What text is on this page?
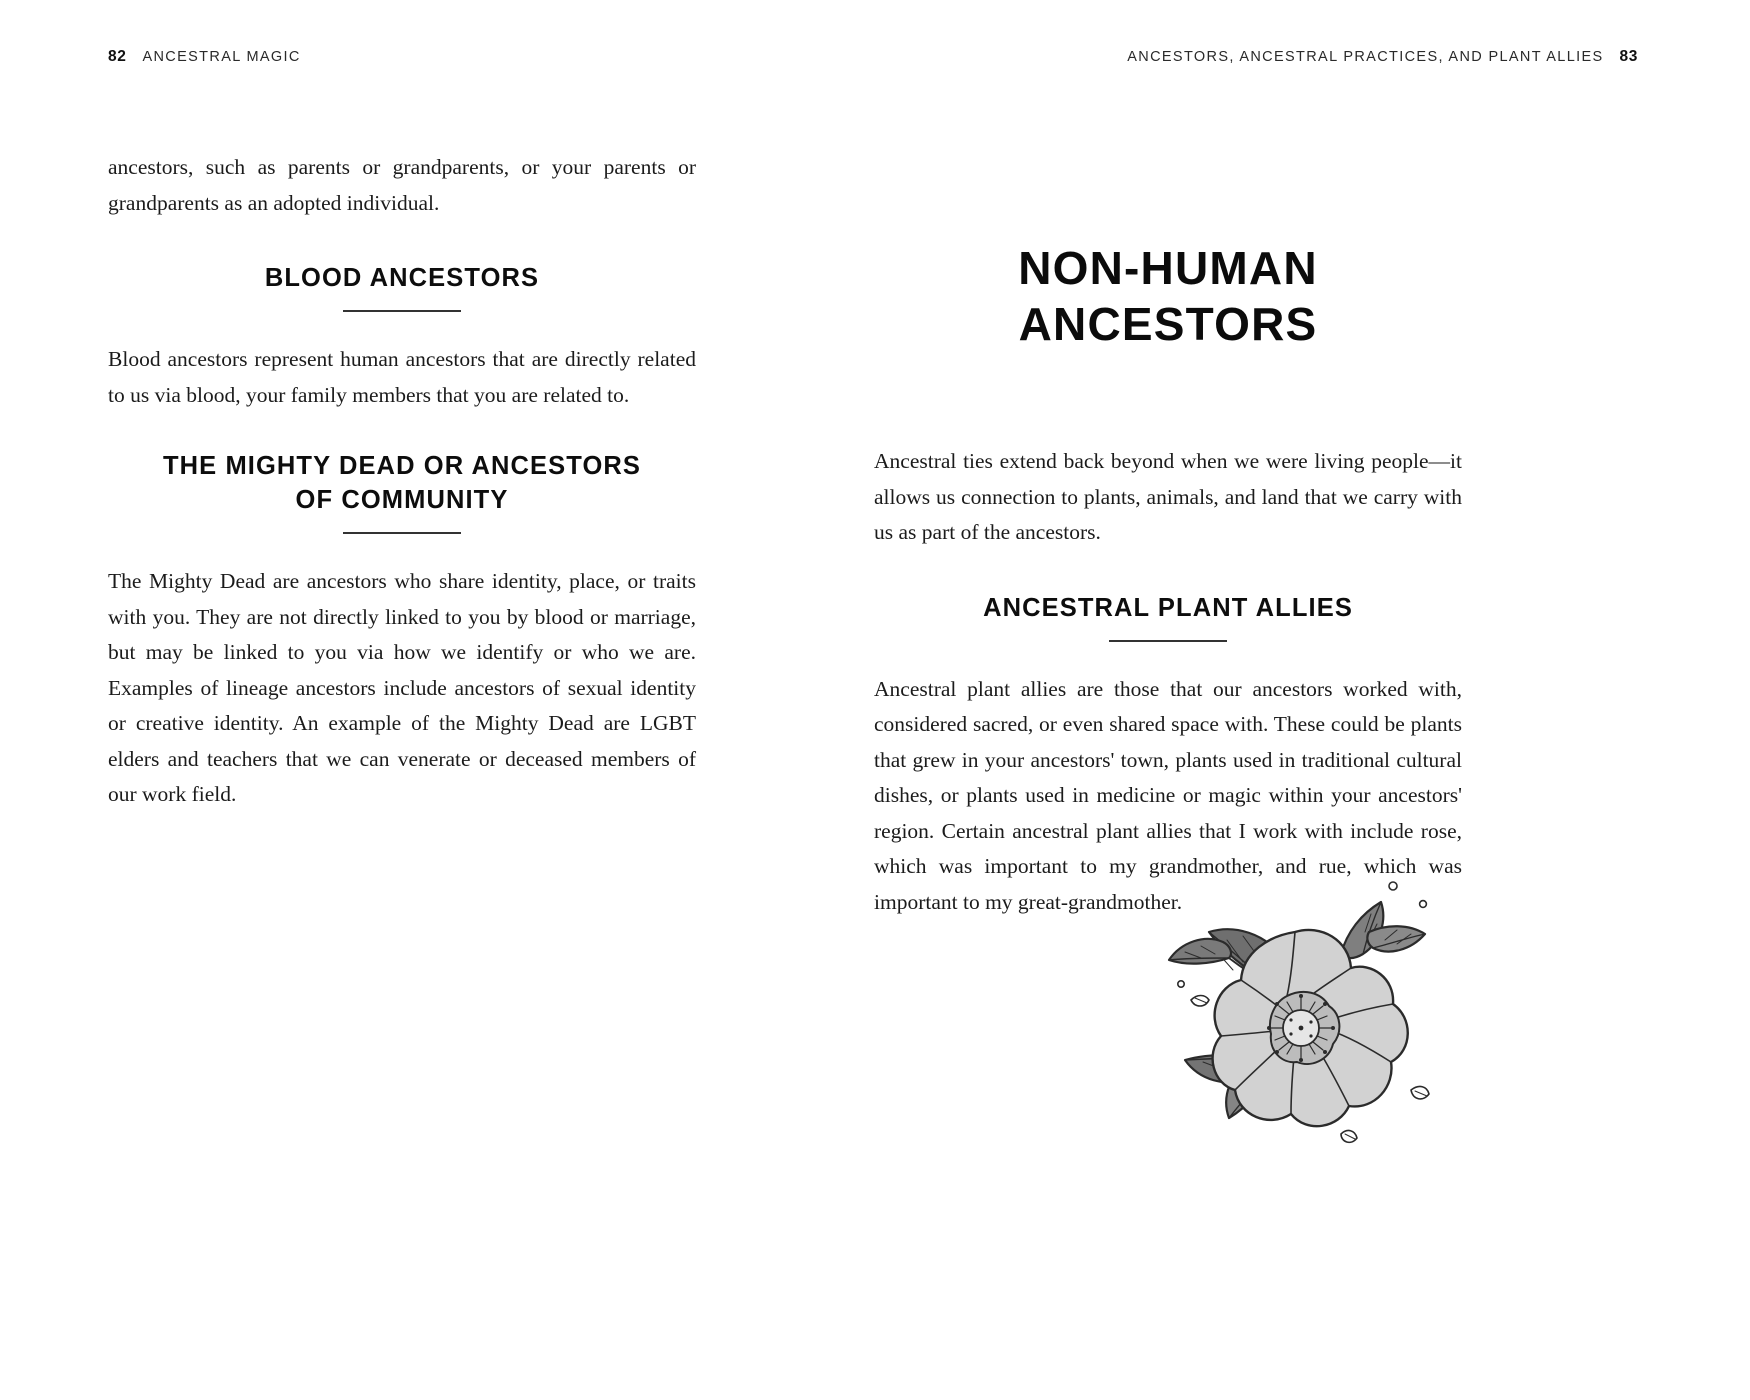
82 ANCESTRAL MAGIC	ANCESTORS, ANCESTRAL PRACTICES, AND PLANT ALLIES 83

ancestors, such as parents or grandparents, or your parents or grandparents as an adopted individual.

BLOOD ANCESTORS

Blood ancestors represent human ancestors that are directly related to us via blood, your family members that you are related to.

THE MIGHTY DEAD OR ANCESTORS
OF COMMUNITY

The Mighty Dead are ancestors who share identity, place, or traits with you. They are not directly linked to you by blood or marriage, but may be linked to you via how we identify or who we are. Examples of lineage ancestors include ancestors of sexual identity or creative identity. An example of the Mighty Dead are LGBT elders and teachers that we can venerate or deceased members of our work field.

NON-HUMAN ANCESTORS

Ancestral ties extend back beyond when we were living people—it allows us connection to plants, animals, and land that we carry with us as part of the ancestors.

ANCESTRAL PLANT ALLIES

Ancestral plant allies are those that our ancestors worked with, considered sacred, or even shared space with. These could be plants that grew in your ancestors' town, plants used in traditional cultural dishes, or plants used in medicine or magic within your ancestors' region. Certain ancestral plant allies that I work with include rose, which was important to my grandmother, and rue, which was important to my great-grandmother.
